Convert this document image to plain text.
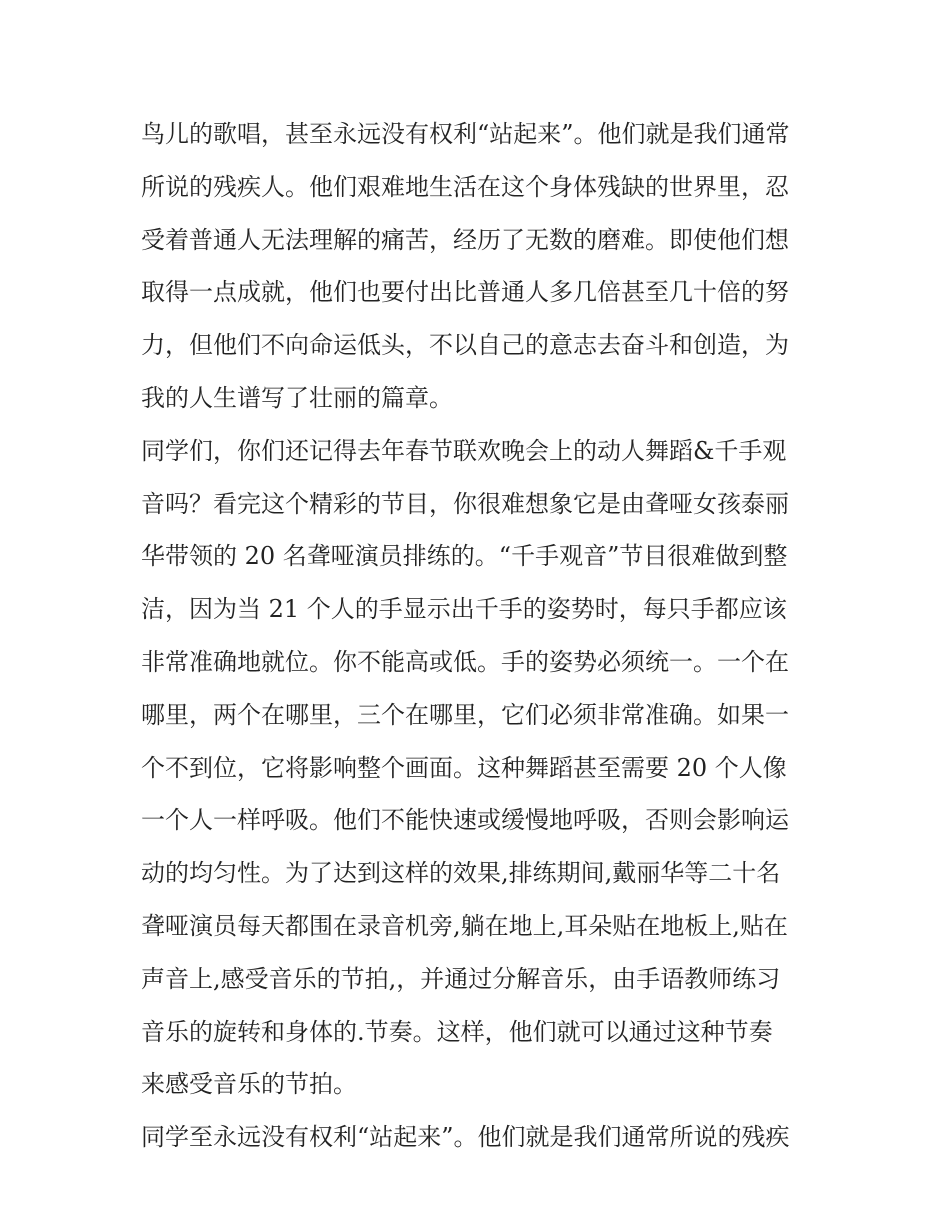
鸟儿的歌唱，甚至永远没有权利“站起来”。他们就是我们通常
所说的残疾人。他们艰难地生活在这个身体残缺的世界里，忍
受着普通人无法理解的痛苦，经历了无数的磨难。即使他们想
取得一点成就，他们也要付出比普通人多几倍甚至几十倍的努
力，但他们不向命运低头，不以自己的意志去奋斗和创造，为
我的人生谱写了壮丽的篇章。
同学们，你们还记得去年春节联欢晚会上的动人舞蹈&千手观
音吗？看完这个精彩的节目，你很难想象它是由聋哑女孩泰丽
华带领的 20 名聋哑演员排练的。“千手观音”节目很难做到整
洁，因为当 21 个人的手显示出千手的姿势时，每只手都应该
非常准确地就位。你不能高或低。手的姿势必须统一。一个在
哪里，两个在哪里，三个在哪里，它们必须非常准确。如果一
个不到位，它将影响整个画面。这种舞蹈甚至需要 20 个人像
一个人一样呼吸。他们不能快速或缓慢地呼吸，否则会影响运
动的均匀性。为了达到这样的效果,排练期间,戴丽华等二十名
聋哑演员每天都围在录音机旁,躺在地上,耳朵贴在地板上,贴在
声音上,感受音乐的节拍,，并通过分解音乐，由手语教师练习
音乐的旋转和身体的.节奏。这样，他们就可以通过这种节奏
来感受音乐的节拍。
同学至永远没有权利“站起来”。他们就是我们通常所说的残疾
